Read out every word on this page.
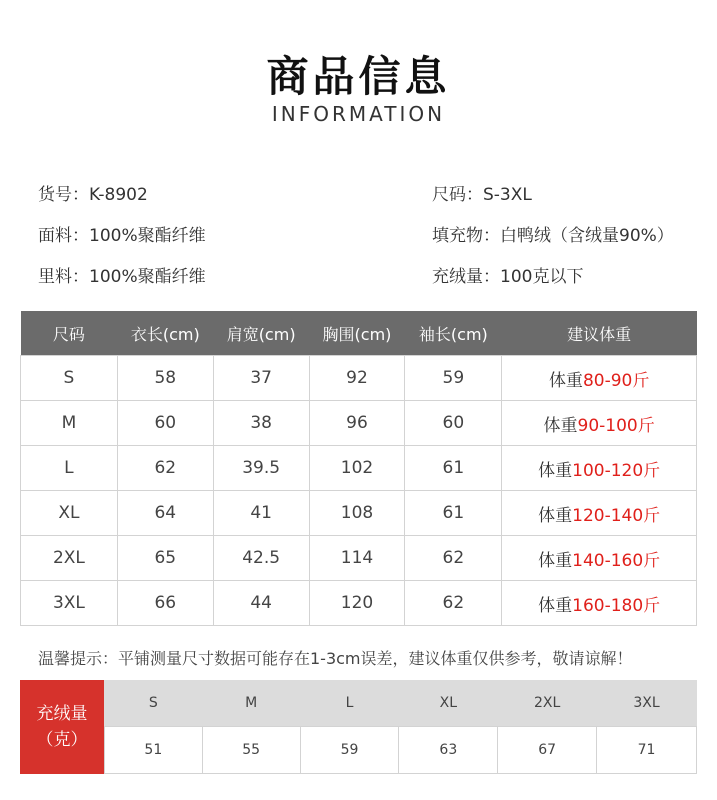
商品信息
INFORMATION
货号：K-8902	尺码：S-3XL
面料：100%聚酯纤维	填充物：白鸭绒（含绒量90%）
里料：100%聚酯纤维	充绒量：100克以下
尺码	衣长(cm)	肩宽(cm)	胸围(cm)	袖长(cm)	建议体重
S	58	37	92	59	体重80-90斤
M	60	38	96	60	体重90-100斤
L	62	39.5	102	61	体重100-120斤
XL	64	41	108	61	体重120-140斤
2XL	65	42.5	114	62	体重140-160斤
3XL	66	44	120	62	体重160-180斤
温馨提示：平铺测量尺寸数据可能存在1-3cm误差，建议体重仅供参考，敬请谅解！
充绒量
（克）	S	M	L	XL	2XL	3XL
	51	55	59	63	67	71
